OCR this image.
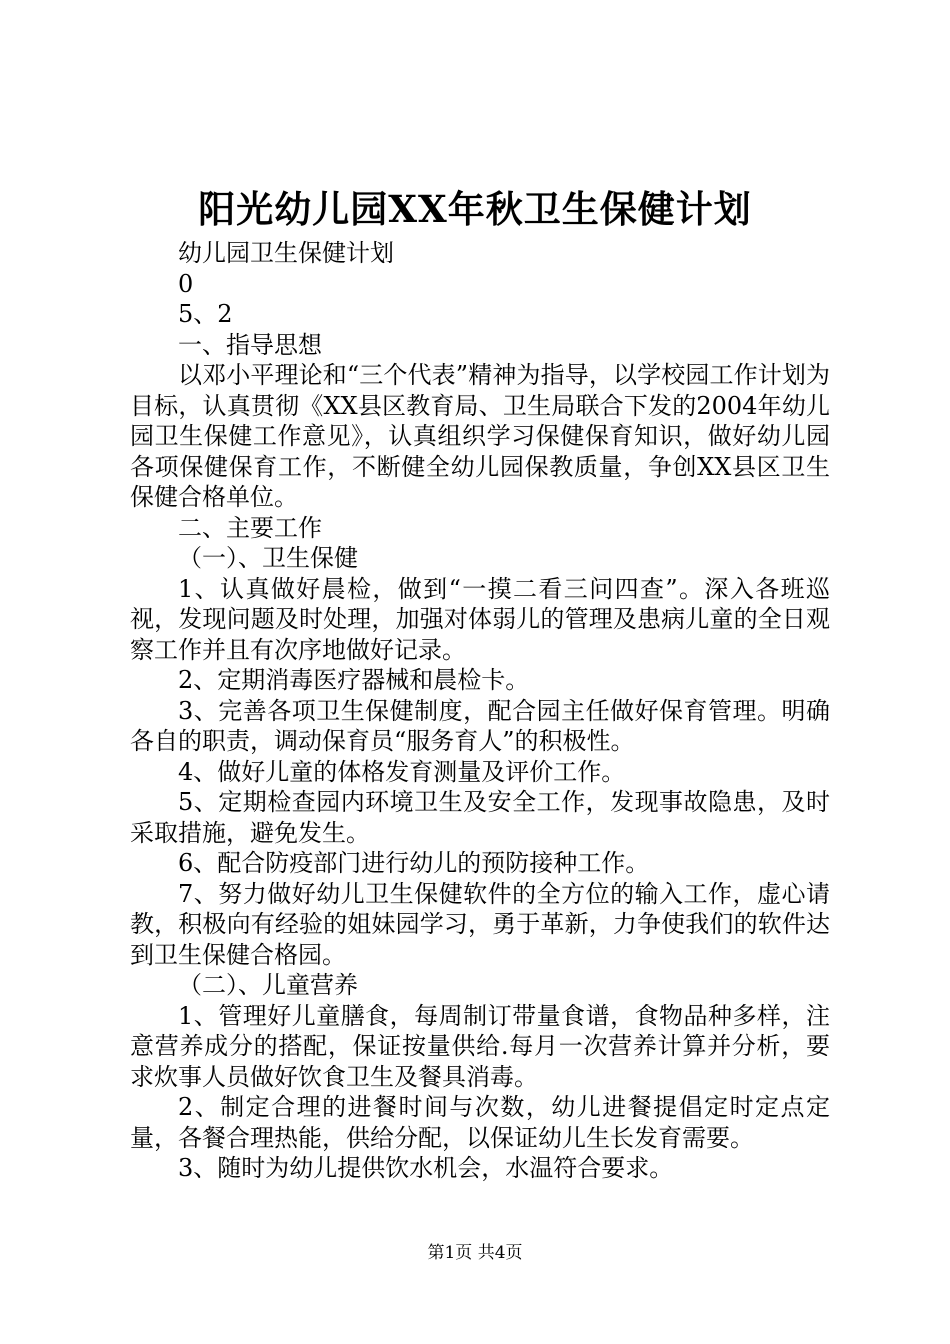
阳光幼儿园XX年秋卫生保健计划

幼儿园卫生保健计划

0

5、2

一、指导思想

以邓小平理论和“三个代表”精神为指导，以学校园工作计划为目标，认真贯彻《XX县区教育局、卫生局联合下发的2004年幼儿园卫生保健工作意见》，认真组织学习保健保育知识，做好幼儿园各项保健保育工作，不断健全幼儿园保教质量，争创XX县区卫生保健合格单位。

二、主要工作

（一）、卫生保健

1、认真做好晨检，做到“一摸二看三问四查”。深入各班巡视，发现问题及时处理，加强对体弱儿的管理及患病儿童的全日观察工作并且有次序地做好记录。

2、定期消毒医疗器械和晨检卡。

3、完善各项卫生保健制度，配合园主任做好保育管理。明确各自的职责，调动保育员“服务育人”的积极性。

4、做好儿童的体格发育测量及评价工作。

5、定期检查园内环境卫生及安全工作，发现事故隐患，及时采取措施，避免发生。

6、配合防疫部门进行幼儿的预防接种工作。

7、努力做好幼儿卫生保健软件的全方位的输入工作，虚心请教，积极向有经验的姐妹园学习，勇于革新，力争使我们的软件达到卫生保健合格园。

（二）、儿童营养

1、管理好儿童膳食，每周制订带量食谱，食物品种多样，注意营养成分的搭配，保证按量供给.每月一次营养计算并分析，要求炊事人员做好饮食卫生及餐具消毒。

2、制定合理的进餐时间与次数，幼儿进餐提倡定时定点定量，各餐合理热能，供给分配，以保证幼儿生长发育需要。

3、随时为幼儿提供饮水机会，水温符合要求。

第1页 共4页
